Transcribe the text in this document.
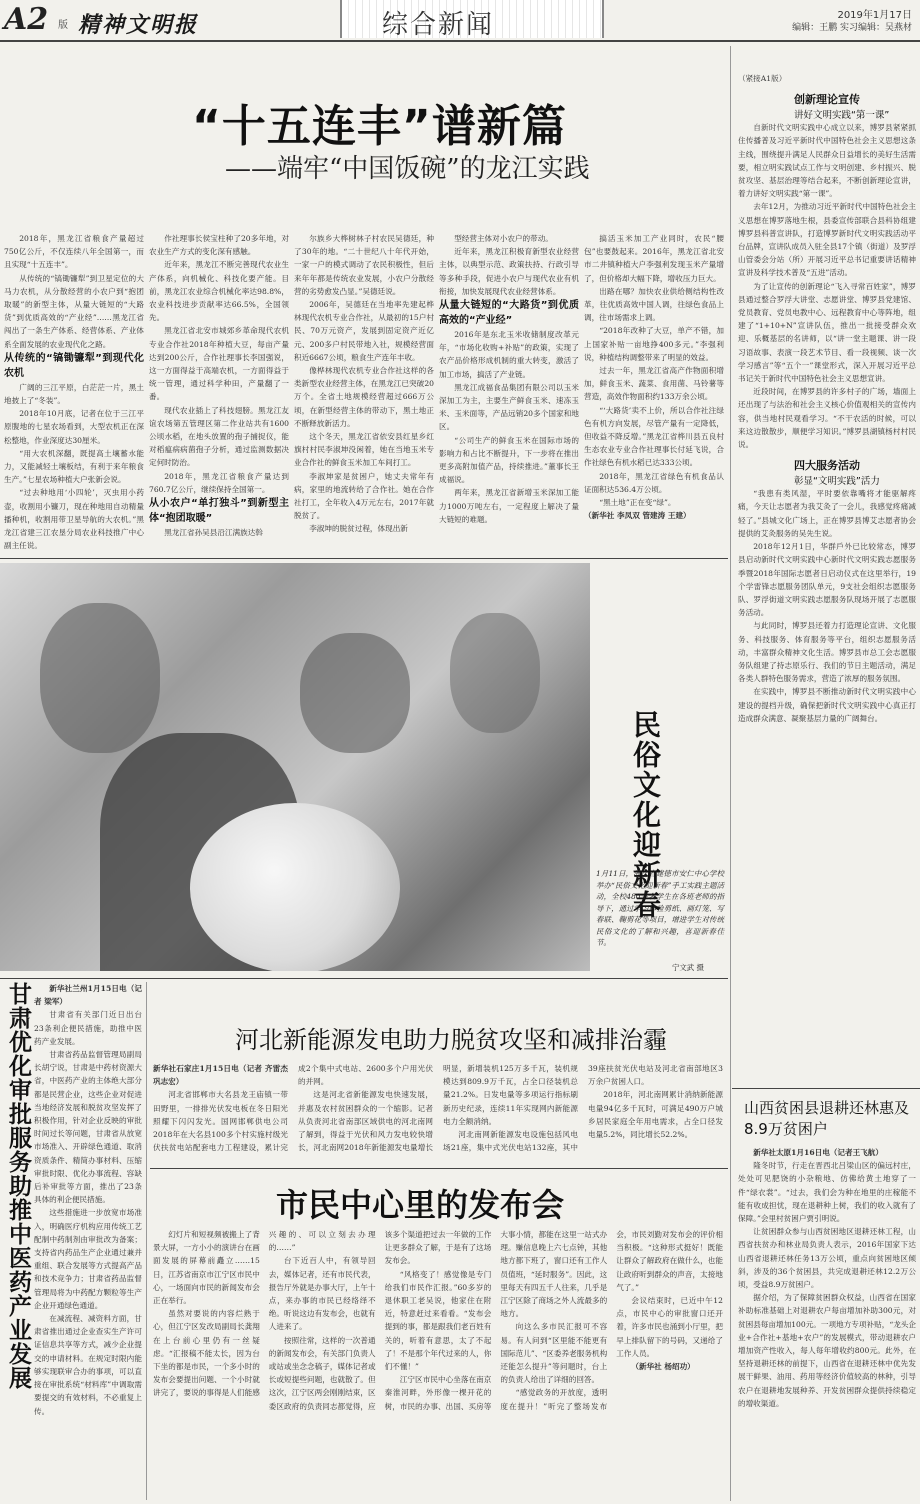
A2 版 精神文明报	综合新闻	2019年1月17日
编辑：王鹏 实习编辑：吴燕材
“十五连丰”谱新篇
——端牢“中国饭碗”的龙江实践

2018年，黑龙江省粮食产量超过750亿公斤，不仅连续八年全国第一，而且实现“十五连丰”。

从传统的“镐锄镰犁”到卫星定位的大马力农机，从分散经营的小农户到“抱团取暖”的新型主体，从量大链短的“大路货”到优质高效的“产业经”……黑龙江省闯出了一条生产体系、经营体系、产业体系全面发展的农业现代化之路。

从传统的“镐锄镰犁”到现代化农机

广阔的三江平原，白茫茫一片，黑土地披上了“冬装”。

2018年10月底，记者在位于三江平原腹地的七星农场看到，大型农机正在深松整地，作业深度达30厘米。

“用大农机深翻，既提高土壤蓄水能力，又能减轻土壤板结，有利于来年粮食生产。”七星农场种植大户张新会说。

“过去种地用‘小四轮’，灭虫用小药壶，收割用小镰刀，现在种地用自动精量播种机，收割用带卫星导航的大农机。”黑龙江省建三江农垦分局农业科技推广中心副主任说。

作社理事长侯宝柱种了20多年地，对农业生产方式的变化深有感触。

近年来，黑龙江不断完善现代农业生产体系，向机械化、科技化要产能。目前，黑龙江农业综合机械化率达98.8%，农业科技进步贡献率达66.5%，全国领先。

黑龙江省北安市城郊乡革命现代农机专业合作社2018年种植大豆，每亩产量达到200公斤，合作社理事长李国强说，这一方面得益于高端农机，一方面得益于统一管理，通过科学种田，产量翻了一番。

现代农业插上了科技翅膀。黑龙江友谊农场第五管理区第二作业站共有1600公顷水稻，在地头放置的孢子捕捉仪，能对稻瘟病病菌孢子分析，通过监测数据决定何时防治。

2018年，黑龙江省粮食产量达到760.7亿公斤，继续保持全国第一。

从小农户“单打独斗”到新型主体“抱团取暖”

黑龙江省孙吴县沿江满族达斡

尔族乡大桦树林子村农民吴德廷，种了30年的地。“二十世纪八十年代开始，一家一户的模式调动了农民积极性，但后来年年都是传统农业发展，小农户分散经营的劣势愈发凸显。”吴德廷说。

2006年，吴德廷在当地率先建起桦林现代农机专业合作社，从最初的15户村民、70万元资产，发展到固定资产近亿元、200多户村民带地入社，规模经营面积近6667公顷，粮食生产连年丰收。

像桦林现代农机专业合作社这样的各类新型农业经营主体，在黑龙江已突破20万个。全省土地规模经营超过666万公顷，在新型经营主体的带动下，黑土地正不断释放新活力。

这个冬天，黑龙江省依安县红星乡红旗村村民李淑坤没闲着，她在当地玉米专业合作社的鲜食玉米加工车间打工。

李淑坤家是贫困户，她丈夫常年有病，家里的地流转给了合作社。她在合作社打工，全年收入4万元左右，2017年就脱贫了。

李淑坤的脱贫过程，体现出新

型经营主体对小农户的带动。

近年来，黑龙江积极育新型农业经营主体，以典型示范、政策扶持、行政引导等多种手段，促进小农户与现代农业有机衔接，加快发展现代农业经营体系。

从量大链短的“大路货”到优质高效的“产业经”

2016年是东北玉米收储制度改革元年，“市场化收购+补贴”的政策，实现了农产品价格形成机制的重大转变，激活了加工市场，搞活了产业链。

黑龙江成福食品集团有限公司以玉米深加工为主，主要生产鲜食玉米、速冻玉米、玉米面等，产品远销20多个国家和地区。

“公司生产的鲜食玉米在国际市场的影响力和占比不断提升，下一步将在推出更多高附加值产品，持续推进。”董事长王成福说。

两年来，黑龙江省新增玉米深加工能力1000万吨左右，一定程度上解决了量大链短的难题。

搞活玉米加工产业同时，农民“腰包”也要鼓起来。2016年，黑龙江省北安市二井镇种植大户李强利发现玉米产量增了，但价格却大幅下降，增收压力巨大。

出路在哪？加快农业供给侧结构性改革，往优质高效中国人调，往绿色食品上调，往市场需求上调。

“2018年改种了大豆，单产不错，加上国家补贴一亩地挣400多元。”李强利说，种植结构调整带来了明显的效益。

过去一年，黑龙江省高产作物面积增加，鲜食玉米、蔬菜、食用菌、马铃薯等营造，高效作物面积约133万余公顷。

“‘大路货’卖不上价，所以合作社注绿色有机方向发展，尽管产量有一定降低，但收益不降反增。”黑龙江省桦川县五良村生态农业专业合作社理事长付延飞说，合作社绿色有机水稻已达333公顷。

2018年，黑龙江省绿色有机食品认证面积达536.4万公顷。

“黑土地”正在变“绿”。

（新华社 李凤双 管建涛 王建）

民俗文化迎新春
1月11日，浙江省建德市安仁中心学校举办“民俗文化迎新春”手工实践主题活动，全校480余名学生在各班老师的指导下，通过学习体验剪纸、画灯笼、写春联、鞠剪花等项目，增进学生对传统民俗文化的了解和兴趣，喜迎新春佳节。
宁文武 摄
甘肃优化审批服务助推中医药产业发展	新华社兰州1月15日电（记者 梁军）

甘肃省有关部门近日出台23条利企便民措施，助推中医药产业发展。

甘肃省药品监督管理局副局长胡宁说，甘肃是中药材资源大省，中医药产业的主体绝大部分都是民营企业，这些企业对促进当地经济发展和脱贫攻坚发挥了积极作用，针对企业反映的审批时间过长等问题，甘肃省从放宽市场准入、开辟绿色通道、取消资质条件、精简办事材料、压缩审批时限、优化办事流程、容缺后补审批等方面，推出了23条具体的利企便民措施。

这些措施进一步放宽市场准入，明确医疗机构应用传统工艺配制中药制剂由审批改为备案；支持省内药品生产企业通过兼并重组、联合发展等方式提高产品和技术竞争力；甘肃省药品监督管理局将为中药配方颗粒等生产企业开通绿色通道。

在减流程、减资料方面，甘肃省推出通过企业查实生产许可证信息共享等方式，减少企业提交的申请材料。在规定时限内能够实现联审合办的事项，可以直接在审批系统“材料库”中调取需要提交的有效材料，不必重复上传。

河北新能源发电助力脱贫攻坚和减排治霾

新华社石家庄1月15日电（记者 齐雷杰 巩志宏）

河北省邯郸市大名县龙王庙镇一带田野里，一排排光伏发电板在冬日阳光照耀下闪闪发光。国网邯郸供电公司2018年在大名县100多个村实施村级光伏扶贫电站配套电力工程建设，累计完成2个集中式电站、2600多个户用光伏的并网。

这是河北省新能源发电快速发展，并惠及农村贫困群众的一个缩影。记者从负责河北省南部区域供电的河北南网了解到，得益于光伏和风力发电较快增长，河北南网2018年新能源发电量增长明显，新增装机125万多千瓦，装机规模达到809.9万千瓦，占全口径装机总量21.2%。日发电量等多项运行指标刷新历史纪录，连续11年实现网内新能源电力全额消纳。

河北南网新能源发电设施包括风电场21座，集中式光伏电站132座，其中39座扶贫光伏电站及河北省南部地区3万余户贫困人口。

2018年，河北南网累计消纳新能源电量94亿多千瓦时，可满足490万户城乡居民家庭全年用电需求，占全口径发电量5.2%，同比增长52.2%。

市民中心里的发布会

幻灯片和短视频被搬上了背景大屏，一方小小的演讲台在画面发展的屏幕前矗立……15日，江苏省南京市江宁区市民中心，一场面向市民的新闻发布会正在举行。

虽然对要说的内容烂熟于心，但江宁区发改局副局长龚翔在上台前心里仍有一丝疑虑。“汇报稿不能太长，因为台下坐的都是市民，一个多小时的发布会要提出问题、一个小时就讲完了，要说的事得是人们能感兴趣的、可以立刻去办理的……”

台下近百人中，有领导回去，媒体记者，还有市民代表，报告厅外就是办事大厅，上午十点，来办事的市民已经络绎不绝。听说这边有发布会，也就有人进来了。

按照往常，这样的一次普通的新闻发布会，有关部门负责人或站或坐念念稿子，媒体记者或长或短提些问题，也就散了。但这次，江宁区两会刚刚结束，区委区政府的负责同志都觉得，应该多个渠道把过去一年做的工作让更多群众了解，于是有了这场发布会。

“风格变了！感觉像是专门给我们市民作汇报。”60多岁的退休职工老吴说，他家住在附近，特意赶过来看看。“发布会提到的事，都是跟我们老百姓有关的，听着有意思，太了不起了！不是那个年代过来的人，你们不懂！”

江宁区市民中心坐落在南京秦淮河畔，外形像一棵开花的树，市民的办事、出国、买房等大事小情，都能在这里一站式办理。赚信息晚上六七点钟，其他地方都下班了，窗口还有工作人员值班，“延时服务”。因此，这里每天有四五千人往来，几乎是江宁区除了商场之外人流最多的地方。

向这么多市民汇报可不容易。有人问到“区里能不能更有国际范儿”、“区委养老服务机构还能怎么提升”等问题时，台上的负责人给出了详细的回答。

“感觉政务的开放度，透明度在提升！”听完了整场发布会，市民刘勤对发布会的评价相当积极。“这种形式挺好！既能让群众了解政府在做什么，也能让政府听到群众的声音，太接地气了。”

会议结束时，已近中午12点，市民中心的审批窗口还开着，许多市民也涌到小厅里，把早上排队留下的号码，又递给了工作人员。

（新华社 杨绍功）

（紧接A1版）

创新理论宣传
讲好文明实践“第一课”

自新时代文明实践中心成立以来，博罗县紧紧抓住传播普及习近平新时代中国特色社会主义思想这条主线，围绕提升满足人民群众日益增长的美好生活需要，相立明实践试点工作与文明创建、乡村振兴、脱贫攻坚、基层治理等结合起来，不断创新理论宣讲，着力讲好文明实践“第一课”。

去年12月，为推动习近平新时代中国特色社会主义思想在博罗落地生根，县委宣传部联合县科协组建博罗县科普宣讲队，打造博罗新时代文明实践活动平台品牌，宣讲队成员入驻全县17个镇（街道）及罗浮山管委会分站（所）开展习近平总书记重要讲话精神宣讲及科学技术普及“五进”活动。

为了让宣传的创新理论“飞入寻常百姓家”，博罗县通过整合罗浮大讲堂、志愿讲堂、博罗县党建馆、党员教育、党员电教中心、远程教育中心等阵地，组建了“1+10+N”宣讲队伍，推出一批接受群众欢迎、乐概基层的名讲师，以“讲一堂主题课、讲一段习语故事、表演一段艺术节目、看一段视频、谈一次学习感言”等“五个一”课堂形式，深入开展习近平总书记关于新时代中国特色社会主义思想宣讲。

近段时间，在博罗县的许多村子的广场，墙面上还出现了与法治和社会主义核心价值观相关的宣传内容，供当地村民观看学习。“不干农活的时候，可以来这边散散步，顺便学习知识。”博罗县湖镇杨村村民说。

四大服务活动
彰显“文明实践”活力

“我患有类风湿，平时要依靠嘴将才能驱解疼痛，今天让志愿者为我艾灸了一会儿，我感觉疼痛减轻了。”县城文化广场上，正在博罗县博艾志愿者协会提供的艾灸服务的吴先生说。

2018年12月1日，华群戶外已比较常态，博罗县启动新时代文明实践中心新时代文明实践志愿服务季暨2018年国际志愿者日启动仪式在这里举行，19个学雷锋志愿服务团队单元，9支社会组织志愿服务队、罗浮街道文明实践志愿服务队现场开展了志愿服务活动。

与此同时，博罗县还着力打造理论宣讲、文化服务、科技服务、体育服务等平台，组织志愿服务活动，丰富群众精神文化生活。博罗县市总工会志愿服务队组建了持志原乐行、我们的节日主题活动，满足各类人群特色服务需求，营造了浓厚的服务氛围。

在实践中，博罗县不断推动新时代文明实践中心建设的提档升级，确保把新时代文明实践中心真正打造成群众满意、凝聚基层力量的广阔舞台。

山西贫困县退耕还林惠及8.9万贫困户

新华社太原1月16日电（记者王飞航）

隆冬时节，行走在晋西北吕梁山区的偏远村庄，处处可见肥饶的小杂粮地、仿佛给黄土地穿了一件“绿衣裳”。“过去，我们会为种在地里的庄稼能不能有收成担忧，现在退耕种上树，我们的收入就有了保障。”会里村贫困户贾引明说。

让贫困群众参与山西贫困地区退耕还林工程，山西省扶贫办和林业局负责人表示，2016年国家下达山西省退耕还林任务13万公顷，重点向贫困地区倾斜，涉及的36个贫困县，共完成退耕还林12.2万公顷，受益8.9万贫困户。

据介绍，为了保障贫困群众权益，山西省在国家补助标准基础上对退耕农户每亩增加补助300元，对贫困县每亩增加100元。一项地方专项补贴，“龙头企业+合作社+基地+农户”的发展模式，带动退耕农户增加资产性收入，每人每年增收约800元。此外，在坚持退耕还林的前提下，山西省在退耕还林中优先发展干鲜果、油用、药用等经济价值较高的林种，引导农户在退耕地发展种养、开发贫困群众提供持续稳定的增收渠道。
